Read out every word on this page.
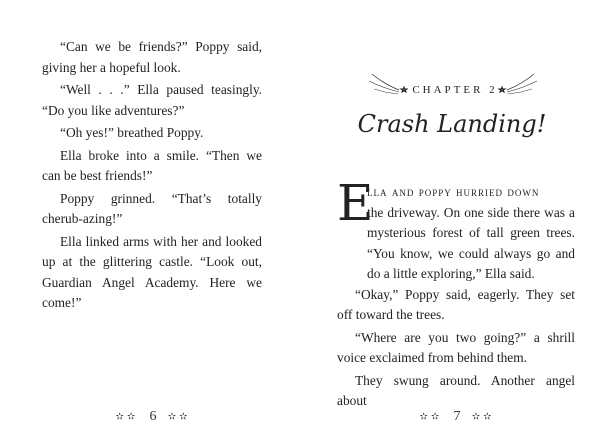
“Can we be friends?” Poppy said, giving her a hopeful look.

“Well . . .” Ella paused teasingly. “Do you like adventures?”

“Oh yes!” breathed Poppy.

Ella broke into a smile. “Then we can be best friends!”

Poppy grinned. “That’s totally cherub-azing!”

Ella linked arms with her and looked up at the glittering castle. “Look out, Guardian Angel Academy. Here we come!”

✫✫ 6 ✫✫
CHAPTER 2
Crash Landing!
E

lla and poppy hurried down

the driveway. On one side there was a mysterious forest of tall green trees. “You know, we could always go and do a little exploring,” Ella said.

“Okay,” Poppy said, eagerly. They set off toward the trees.

“Where are you two going?” a shrill voice exclaimed from behind them.

They swung around. Another angel about

✫✫ 7 ✫✫
